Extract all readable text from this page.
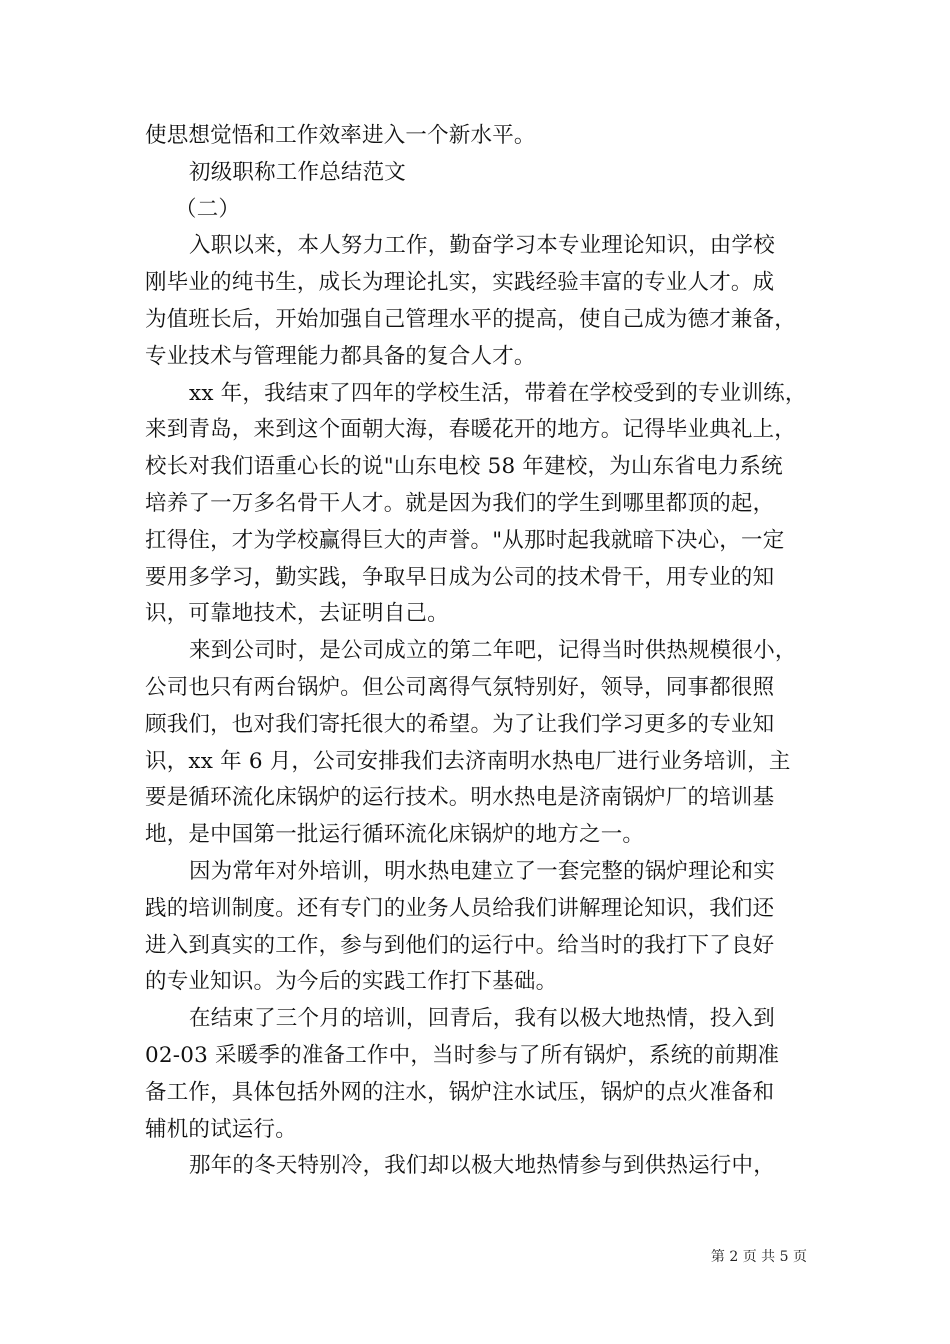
使思想觉悟和工作效率进入一个新水平。
初级职称工作总结范文
（二）
入职以来，本人努力工作，勤奋学习本专业理论知识，由学校
刚毕业的纯书生，成长为理论扎实，实践经验丰富的专业人才。成
为值班长后，开始加强自己管理水平的提高，使自己成为德才兼备，
专业技术与管理能力都具备的复合人才。
xx 年，我结束了四年的学校生活，带着在学校受到的专业训练，
来到青岛，来到这个面朝大海，春暖花开的地方。记得毕业典礼上，
校长对我们语重心长的说"山东电校 58 年建校，为山东省电力系统
培养了一万多名骨干人才。就是因为我们的学生到哪里都顶的起，
扛得住，才为学校赢得巨大的声誉。"从那时起我就暗下决心，一定
要用多学习，勤实践，争取早日成为公司的技术骨干，用专业的知
识，可靠地技术，去证明自己。
来到公司时，是公司成立的第二年吧，记得当时供热规模很小，
公司也只有两台锅炉。但公司离得气氛特别好，领导，同事都很照
顾我们，也对我们寄托很大的希望。为了让我们学习更多的专业知
识，xx 年 6 月，公司安排我们去济南明水热电厂进行业务培训，主
要是循环流化床锅炉的运行技术。明水热电是济南锅炉厂的培训基
地，是中国第一批运行循环流化床锅炉的地方之一。
因为常年对外培训，明水热电建立了一套完整的锅炉理论和实
践的培训制度。还有专门的业务人员给我们讲解理论知识，我们还
进入到真实的工作，参与到他们的运行中。给当时的我打下了良好
的专业知识。为今后的实践工作打下基础。
在结束了三个月的培训，回青后，我有以极大地热情，投入到
02-03 采暖季的准备工作中，当时参与了所有锅炉，系统的前期准
备工作，具体包括外网的注水，锅炉注水试压，锅炉的点火准备和
辅机的试运行。
那年的冬天特别冷，我们却以极大地热情参与到供热运行中，
第 2 页 共 5 页
